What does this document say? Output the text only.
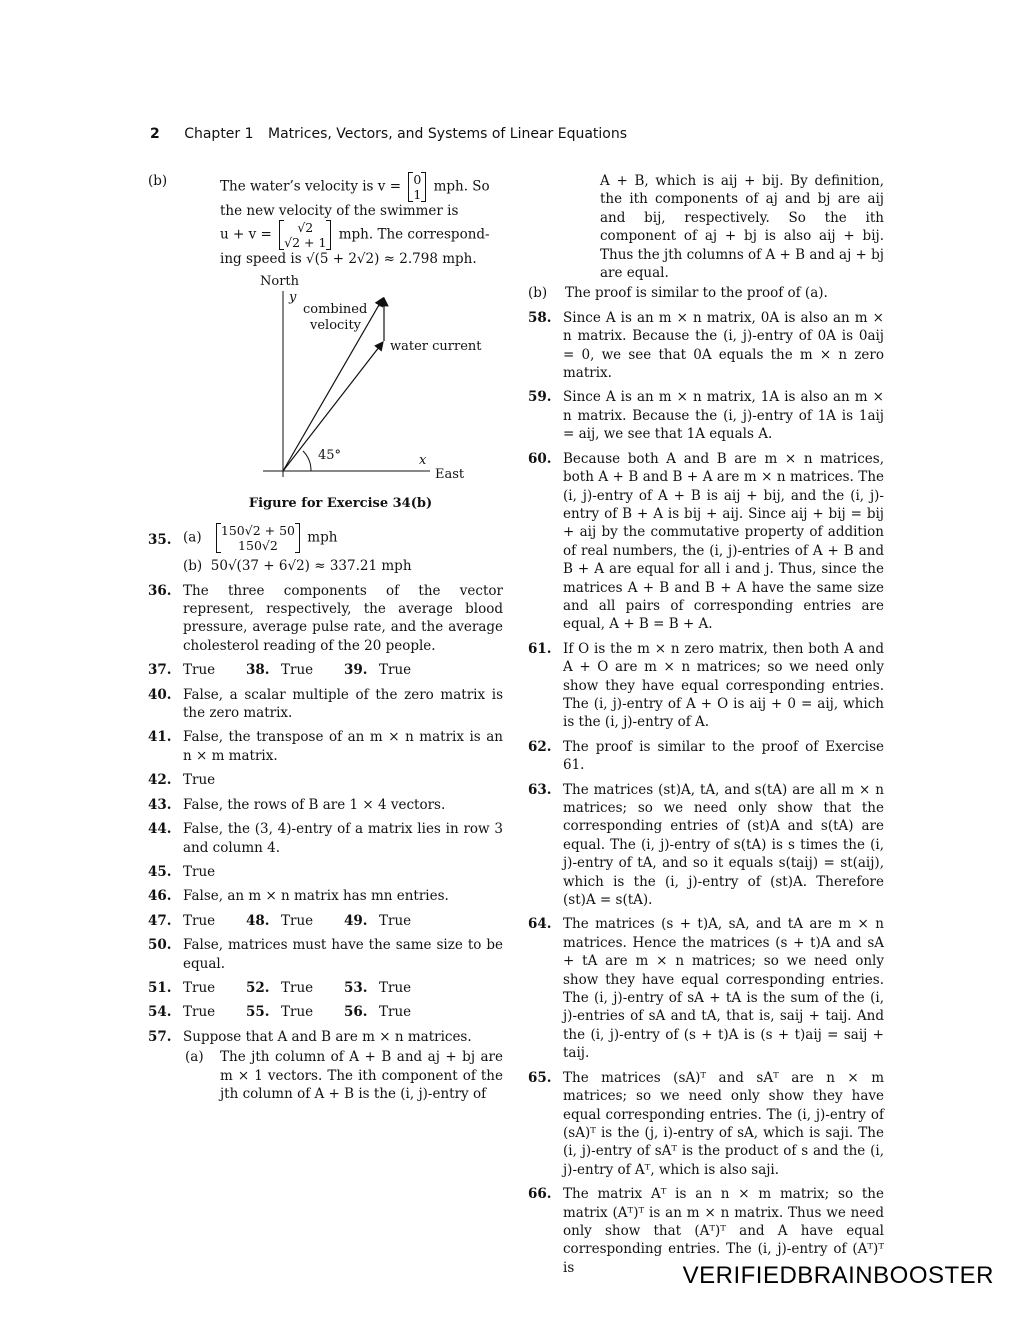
2 Chapter 1 Matrices, Vectors, and Systems of Linear Equations
(b)	The water’s velocity is v = 0
1 mph. So
the new velocity of the swimmer is
u + v = √2
√2 + 1 mph. The correspond-
ing speed is √(5 + 2√2) ≈ 2.798 mph.
North
y
combined
velocity
water current
45°	x
East
Figure for Exercise 34(b)
35. (a) 150√2 + 50
150√2 mph
(b) 50√(37 + 6√2) ≈ 337.21 mph
36. The three components of the vector represent, respectively, the average blood pressure, average pulse rate, and the average cholesterol reading of the 20 people.
37. True 38. True 39. True
40. False, a scalar multiple of the zero matrix is the zero matrix.
41. False, the transpose of an m × n matrix is an n × m matrix.
42. True
43. False, the rows of B are 1 × 4 vectors.
44. False, the (3, 4)-entry of a matrix lies in row 3 and column 4.
45. True
46. False, an m × n matrix has mn entries.
47. True 48. True 49. True
50. False, matrices must have the same size to be equal.
51. True 52. True 53. True
54. True 55. True 56. True
57. Suppose that A and B are m × n matrices.
(a) The jth column of A + B and aj + bj are m × 1 vectors. The ith component of the jth column of A + B is the (i, j)-entry of
A + B, which is aij + bij. By definition, the ith components of aj and bj are aij and bij, respectively. So the ith component of aj + bj is also aij + bij. Thus the jth columns of A + B and aj + bj are equal.
(b) The proof is similar to the proof of (a).
58. Since A is an m × n matrix, 0A is also an m × n matrix. Because the (i, j)-entry of 0A is 0aij = 0, we see that 0A equals the m × n zero matrix.
59. Since A is an m × n matrix, 1A is also an m × n matrix. Because the (i, j)-entry of 1A is 1aij = aij, we see that 1A equals A.
60. Because both A and B are m × n matrices, both A + B and B + A are m × n matrices. The (i, j)-entry of A + B is aij + bij, and the (i, j)-entry of B + A is bij + aij. Since aij + bij = bij + aij by the commutative property of addition of real numbers, the (i, j)-entries of A + B and B + A are equal for all i and j. Thus, since the matrices A + B and B + A have the same size and all pairs of corresponding entries are equal, A + B = B + A.
61. If O is the m × n zero matrix, then both A and A + O are m × n matrices; so we need only show they have equal corresponding entries. The (i, j)-entry of A + O is aij + 0 = aij, which is the (i, j)-entry of A.
62. The proof is similar to the proof of Exercise 61.
63. The matrices (st)A, tA, and s(tA) are all m × n matrices; so we need only show that the corresponding entries of (st)A and s(tA) are equal. The (i, j)-entry of s(tA) is s times the (i, j)-entry of tA, and so it equals s(taij) = st(aij), which is the (i, j)-entry of (st)A. Therefore (st)A = s(tA).
64. The matrices (s + t)A, sA, and tA are m × n matrices. Hence the matrices (s + t)A and sA + tA are m × n matrices; so we need only show they have equal corresponding entries. The (i, j)-entry of sA + tA is the sum of the (i, j)-entries of sA and tA, that is, saij + taij. And the (i, j)-entry of (s + t)A is (s + t)aij = saij + taij.
65. The matrices (sA)ᵀ and sAᵀ are n × m matrices; so we need only show they have equal corresponding entries. The (i, j)-entry of (sA)ᵀ is the (j, i)-entry of sA, which is saji. The (i, j)-entry of sAᵀ is the product of s and the (i, j)-entry of Aᵀ, which is also saji.
66. The matrix Aᵀ is an n × m matrix; so the matrix (Aᵀ)ᵀ is an m × n matrix. Thus we need only show that (Aᵀ)ᵀ and A have equal corresponding entries. The (i, j)-entry of (Aᵀ)ᵀ is	VERIFIEDBRAINBOOSTER
